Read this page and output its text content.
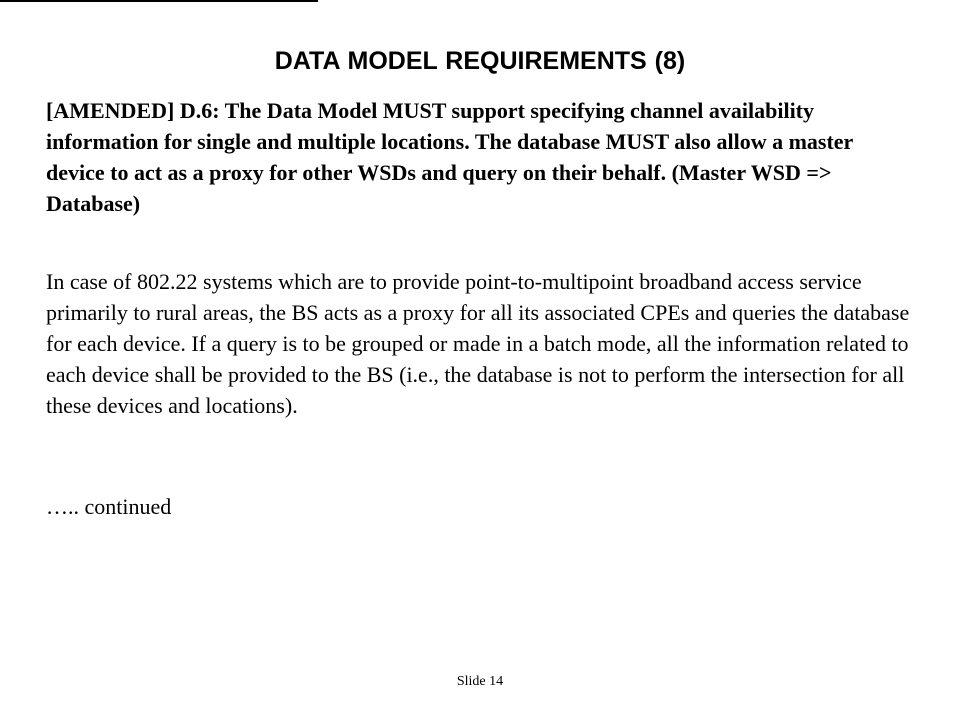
DATA MODEL REQUIREMENTS (8)

[AMENDED] D.6: The Data Model MUST support specifying channel availability information for single and multiple locations. The database MUST also allow a master device to act as a proxy for other WSDs and query on their behalf. (Master WSD => Database)

In case of 802.22 systems which are to provide point-to-multipoint broadband access service primarily to rural areas, the BS acts as a proxy for all its associated CPEs and queries the database for each device. If a query is to be grouped or made in a batch mode, all the information related to each device shall be provided to the BS (i.e., the database is not to perform the intersection for all these devices and locations).

….. continued

Slide 14
